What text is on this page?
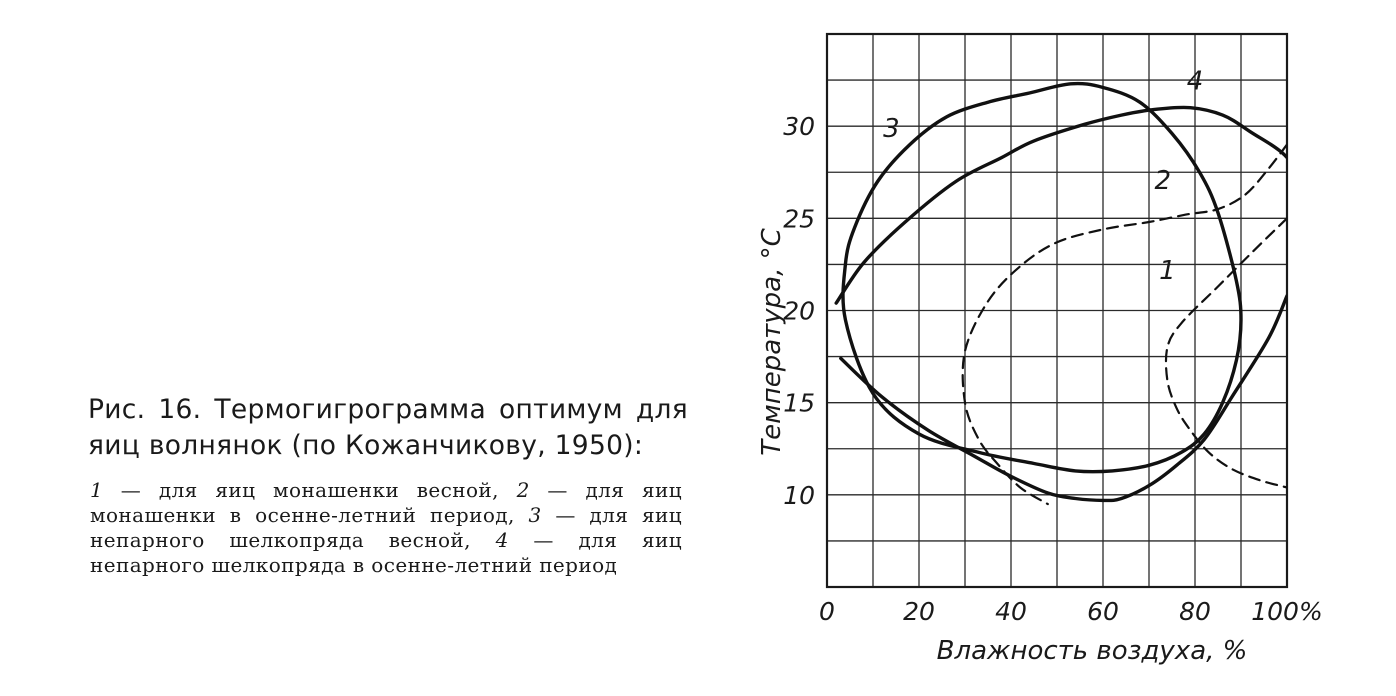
0	20 40 60 80 100%
10
15
20
25
30
1
2
3
4
Влажность воздуха, %
Температура, °С

Рис. 16. Термогигрограмма оптимум для яиц волнянок (по Кожанчикову, 1950):

1 — для яиц монашенки весной, 2 — для яиц монашенки в осенне-летний период, 3 — для яиц непарного шелкопряда весной, 4 — для яиц непарного шелкопряда в осенне-летний период
